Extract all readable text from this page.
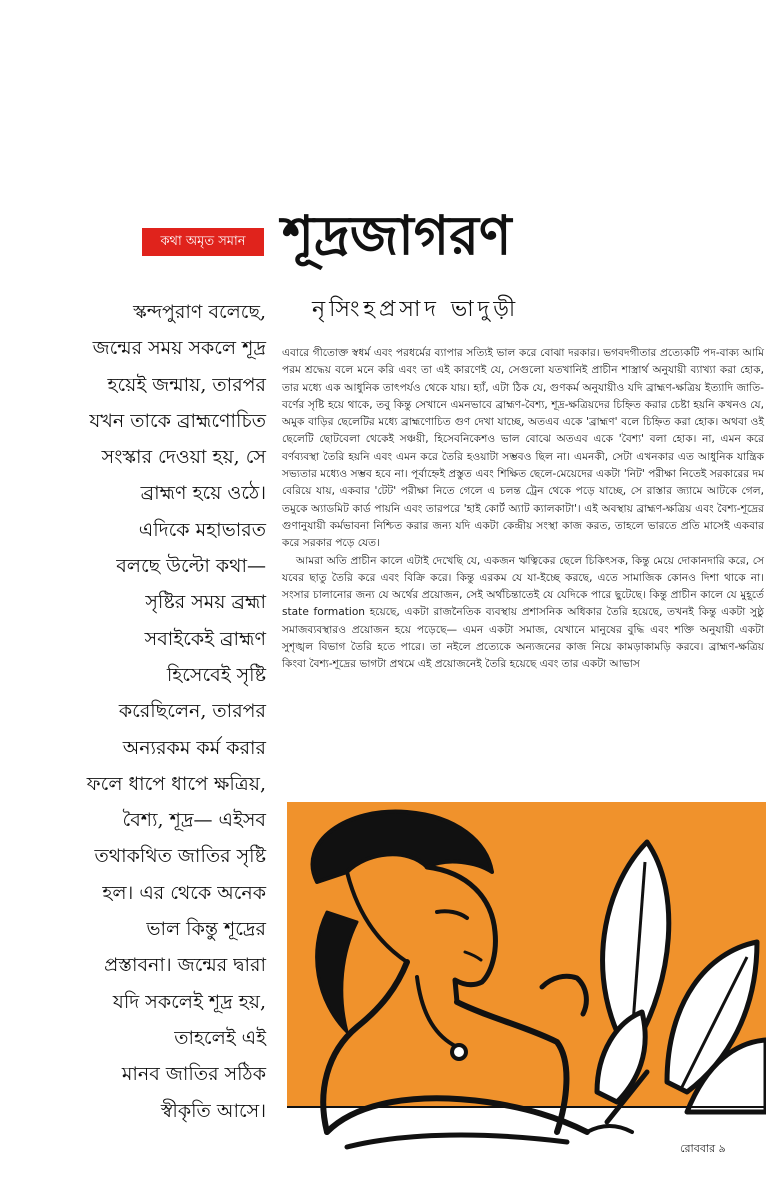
কথা অমৃত সমান শূদ্রজাগরণ
নৃসিংহপ্রসাদ ভাদুড়ী
স্কন্দপুরাণ বলেছে,
জন্মের সময় সকলে শূদ্র
হয়েই জন্মায়, তারপর
যখন তাকে ব্রাহ্মণোচিত
সংস্কার দেওয়া হয়, সে
ব্রাহ্মণ হয়ে ওঠে।
এদিকে মহাভারত
বলছে উল্টো কথা—
সৃষ্টির সময় ব্রহ্মা
সবাইকেই ব্রাহ্মণ
হিসেবেই সৃষ্টি
করেছিলেন, তারপর
অন্যরকম কর্ম করার
ফলে ধাপে ধাপে ক্ষত্রিয়,
বৈশ্য, শূদ্র— এইসব
তথাকথিত জাতির সৃষ্টি
হল। এর থেকে অনেক
ভাল কিন্তু শূদ্রের
প্রস্তাবনা। জন্মের দ্বারা
যদি সকলেই শূদ্র হয়,
তাহলেই এই
মানব জাতির সঠিক
স্বীকৃতি আসে।

এবারে গীতোক্ত স্বধর্ম এবং পরধর্মের ব্যাপার সত্যিই ভাল করে বোঝা দরকার। ভগবদগীতার প্রত্যেকটি পদ-বাক্য আমি পরম শ্রদ্ধেয় বলে মনে করি এবং তা এই কারণেই যে, সেগুলো যতখানিই প্রাচীন শাস্ত্রার্থ অনুযায়ী ব্যাখ্যা করা হোক, তার মধ্যে এক আধুনিক তাৎপর্যও থেকে যায়। হ্যাঁ, এটা ঠিক যে, গুণকর্ম অনুযায়ীও যদি ব্রাহ্মণ-ক্ষত্রিয় ইত্যাদি জাতি-বর্ণের সৃষ্টি হয়ে থাকে, তবু কিন্তু সেখানে এমনভাবে ব্রাহ্মণ-বৈশ্য, শূদ্র-ক্ষত্রিয়দের চিহ্নিত করার চেষ্টা হয়নি কখনও যে, অমুক বাড়ির ছেলেটির মধ্যে ব্রাহ্মণোচিত গুণ দেখা যাচ্ছে, অতএব একে 'ব্রাহ্মণ' বলে চিহ্নিত করা হোক। অথবা ওই ছেলেটি ছোটবেলা থেকেই সঞ্চয়ী, হিসেবনিকেশও ভাল বোঝে অতএব একে 'বৈশ্য' বলা হোক। না, এমন করে বর্ণব্যবস্থা তৈরি হয়নি এবং এমন করে তৈরি হওয়াটা সম্ভবও ছিল না। এমনকী, সেটা এখনকার এত আধুনিক যান্ত্রিক সভ্যতার মধ্যেও সম্ভব হবে না। পূর্বাহ্নেই প্রস্তুত এবং শিক্ষিত ছেলে-মেয়েদের একটা 'নিট' পরীক্ষা নিতেই সরকারের দম বেরিয়ে যায়, একবার 'টেট' পরীক্ষা নিতে গেলে এ চলন্ত ট্রেন থেকে পড়ে যাচ্ছে, সে রাস্তার জ্যামে আটকে গেল, তমুকে অ্যাডমিট কার্ড পায়নি এবং তারপরে 'হাই কোর্ট অ্যাট ক্যালকাটা'। এই অবস্থায় ব্রাহ্মণ-ক্ষত্রিয় এবং বৈশ্য-শূদ্রের গুণানুযায়ী কর্মভাবনা নিশ্চিত করার জন্য যদি একটা কেন্দ্রীয় সংস্থা কাজ করত, তাহলে ভারতে প্রতি মাসেই একবার করে সরকার পড়ে যেত।

আমরা অতি প্রাচীন কালে এটাই দেখেছি যে, একজন ঋত্বিকের ছেলে চিকিৎসক, কিন্তু মেয়ে দোকানদারি করে, সে যবের ছাতু তৈরি করে এবং বিক্রি করে। কিন্তু এরকম যে যা-ইচ্ছে করছে, এতে সামাজিক কোনও দিশা থাকে না। সংসার চালানোর জন্য যে অর্থের প্রয়োজন, সেই অর্থচিন্তাতেই যে যেদিকে পারে ছুটেছে। কিন্তু প্রাচীন কালে যে মুহূর্তে state formation হয়েছে, একটা রাজনৈতিক ব্যবস্থায় প্রশাসনিক অধিকার তৈরি হয়েছে, তখনই কিন্তু একটা সুষ্ঠু সমাজব্যবস্থারও প্রয়োজন হয়ে পড়েছে— এমন একটা সমাজ, যেখানে মানুষের বুদ্ধি এবং শক্তি অনুযায়ী একটা সুশৃঙ্খল বিভাগ তৈরি হতে পারে। তা নইলে প্রত্যেকে অন্যজনের কাজ নিয়ে কামড়াকামড়ি করবে। ব্রাহ্মণ-ক্ষত্রিয় কিংবা বৈশ্য-শূদ্রের ভাগটা প্রথমে এই প্রয়োজনেই তৈরি হয়েছে এবং তার একটা আভাস

রোববার ৯
